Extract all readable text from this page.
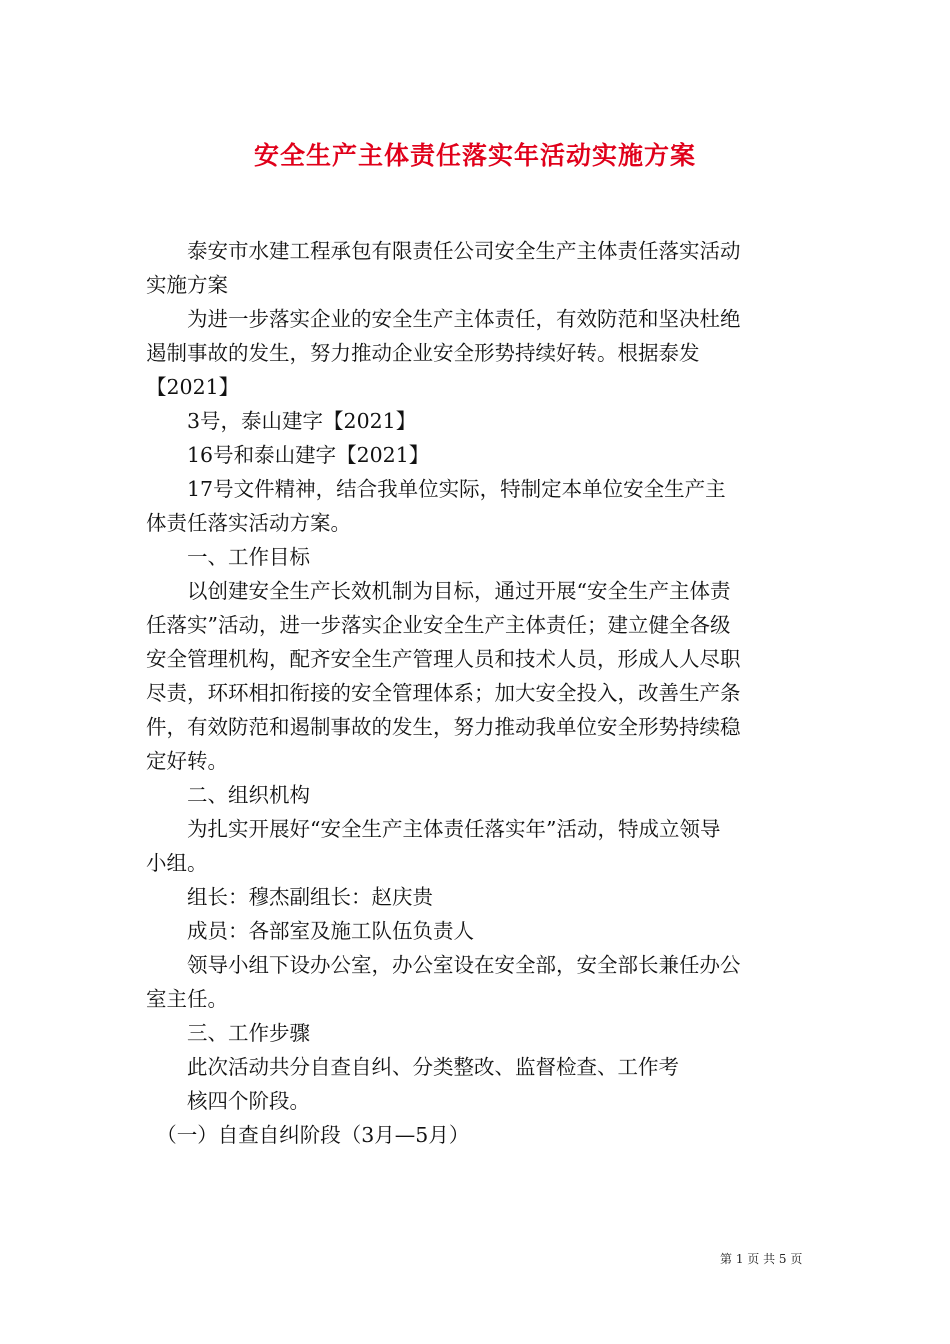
安全生产主体责任落实年活动实施方案

　　泰安市水建工程承包有限责任公司安全生产主体责任落实活动

实施方案

　　为进一步落实企业的安全生产主体责任，有效防范和坚决杜绝

遏制事故的发生，努力推动企业安全形势持续好转。根据泰发

【2021】

　　3号，泰山建字【2021】

　　16号和泰山建字【2021】

　　17号文件精神，结合我单位实际，特制定本单位安全生产主

体责任落实活动方案。

　　一、工作目标

　　以创建安全生产长效机制为目标，通过开展“安全生产主体责

任落实”活动，进一步落实企业安全生产主体责任；建立健全各级

安全管理机构，配齐安全生产管理人员和技术人员，形成人人尽职

尽责，环环相扣衔接的安全管理体系；加大安全投入，改善生产条

件，有效防范和遏制事故的发生，努力推动我单位安全形势持续稳

定好转。

　　二、组织机构

　　为扎实开展好“安全生产主体责任落实年”活动，特成立领导

小组。

　　组长：穆杰副组长：赵庆贵

　　成员：各部室及施工队伍负责人

　　领导小组下设办公室，办公室设在安全部，安全部长兼任办公

室主任。

　　三、工作步骤

　　此次活动共分自查自纠、分类整改、监督检查、工作考

　　核四个阶段。

　（一）自查自纠阶段（3月—5月）

第 1 页 共 5 页
